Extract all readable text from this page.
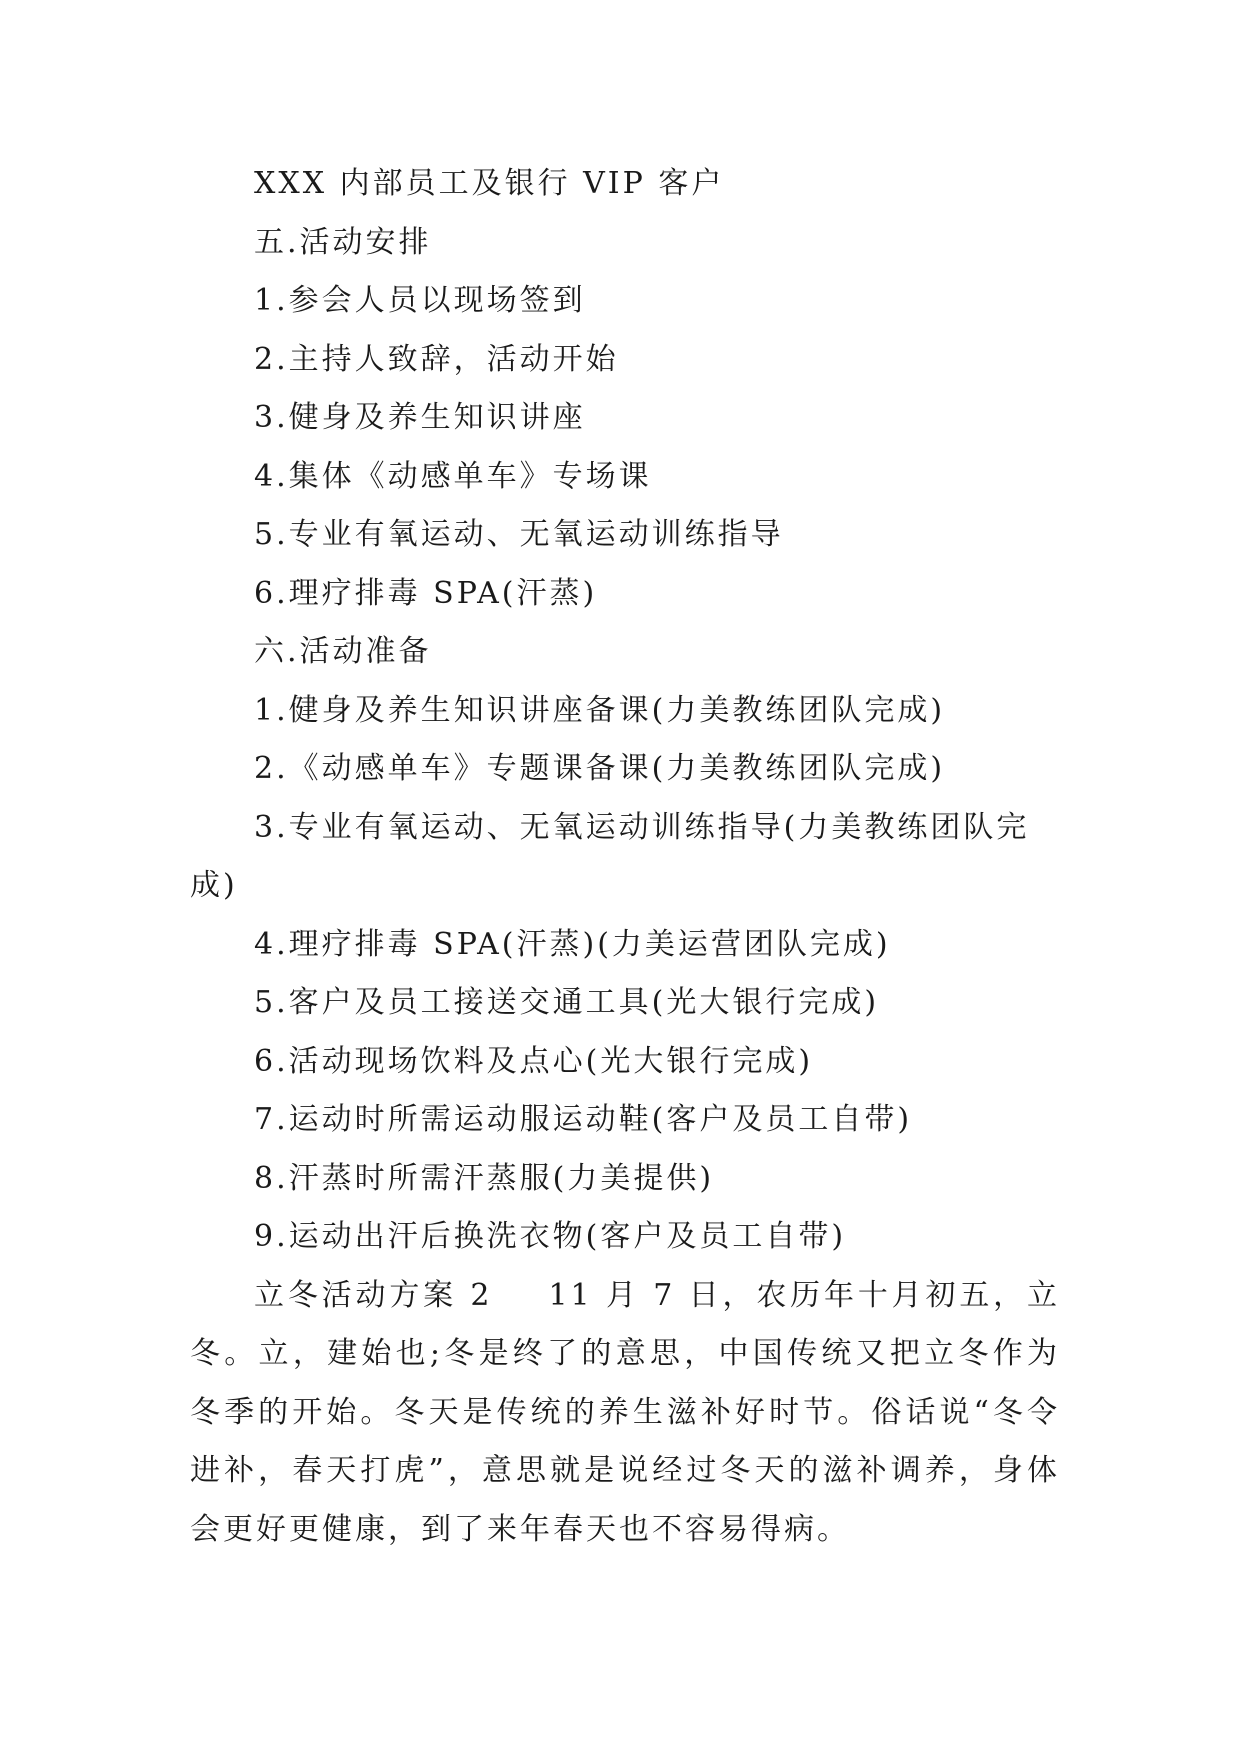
XXX 内部员工及银行 VIP 客户
五.活动安排
1.参会人员以现场签到
2.主持人致辞，活动开始
3.健身及养生知识讲座
4.集体《动感单车》专场课
5.专业有氧运动、无氧运动训练指导
6.理疗排毒 SPA(汗蒸)
六.活动准备
1.健身及养生知识讲座备课(力美教练团队完成)
2.《动感单车》专题课备课(力美教练团队完成)

3.专业有氧运动、无氧运动训练指导(力美教练团队完成)

4.理疗排毒 SPA(汗蒸)(力美运营团队完成)
5.客户及员工接送交通工具(光大银行完成)
6.活动现场饮料及点心(光大银行完成)
7.运动时所需运动服运动鞋(客户及员工自带)
8.汗蒸时所需汗蒸服(力美提供)
9.运动出汗后换洗衣物(客户及员工自带)

立冬活动方案 2 11 月 7 日，农历年十月初五，立冬。立，建始也;冬是终了的意思，中国传统又把立冬作为冬季的开始。冬天是传统的养生滋补好时节。俗话说“冬令进补，春天打虎”，意思就是说经过冬天的滋补调养，身体会更好更健康，到了来年春天也不容易得病。
